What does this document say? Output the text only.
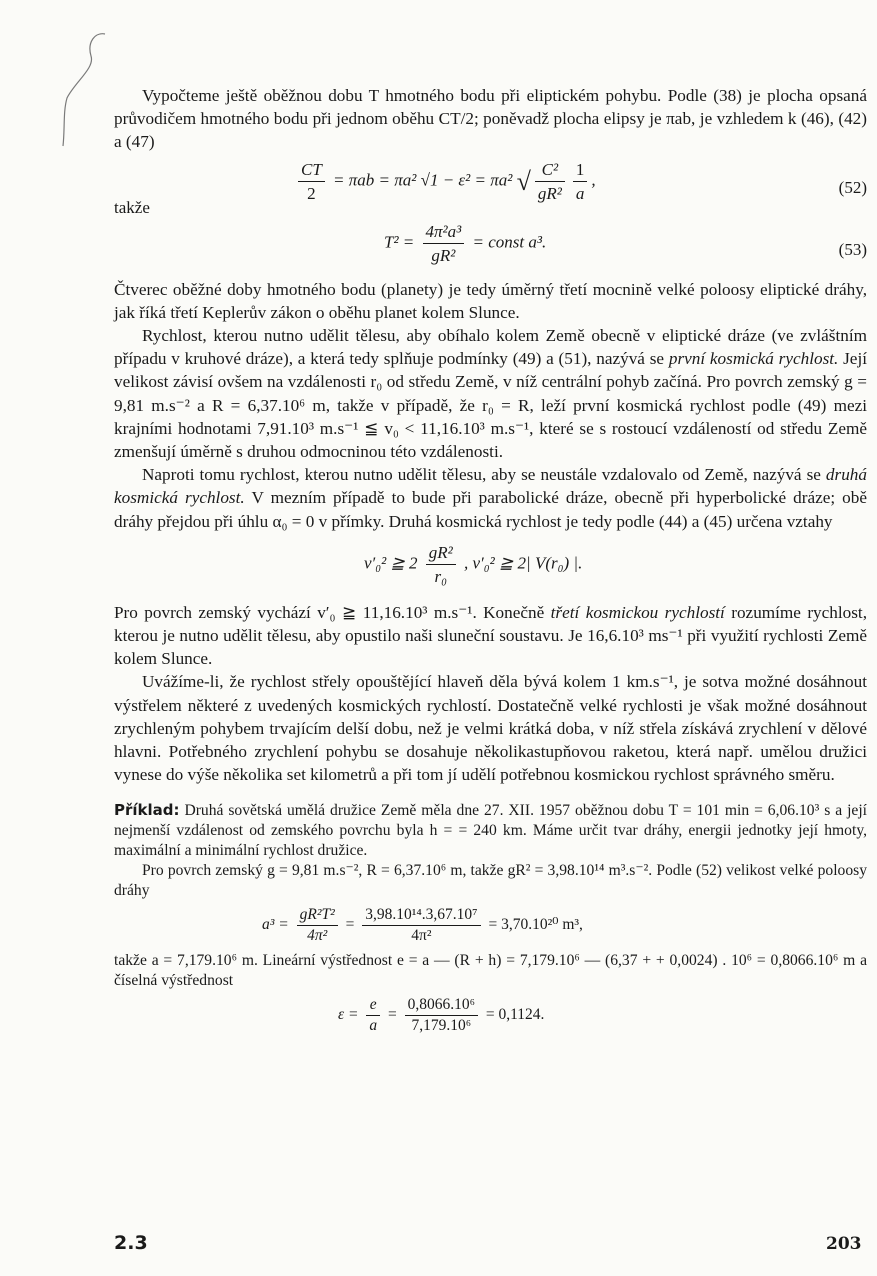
Vypočteme ještě oběžnou dobu T hmotného bodu při eliptickém pohybu. Podle (38) je plocha opsaná průvodičem hmotného bodu při jednom oběhu CT/2; poněvadž plocha elipsy je πab, je vzhledem k (46), (42) a (47)

takže
$\frac{CT}{2} = \pi ab = \pi a^2$ √1 − ε² = πa² √ $\frac{\text{C²}}{\text{gR²}} \frac{1}{a}$ ,	(52)
$T^2 = \frac{\text{4π²a³}}{\text{gR²}}$ = const a³.	(53)

Čtverec oběžné doby hmotného bodu (planety) je tedy úměrný třetí mocnině velké poloosy eliptické dráhy, jak říká třetí Keplerův zákon o oběhu planet kolem Slunce.

Rychlost, kterou nutno udělit tělesu, aby obíhalo kolem Země obecně v eliptické dráze (ve zvláštním případu v kruhové dráze), a která tedy splňuje podmínky (49) a (51), nazývá se první kosmická rychlost. Její velikost závisí ovšem na vzdálenosti r₀ od středu Země, v níž centrální pohyb začíná. Pro povrch zemský g = 9,81 m.s⁻² a R = 6,37.10⁶ m, takže v případě, že r₀ = R, leží první kosmická rychlost podle (49) mezi krajními hodnotami 7,91.10³ m.s⁻¹ ≦ v₀ < 11,16.10³ m.s⁻¹, které se s rostoucí vzdáleností od středu Země zmenšují úměrně s druhou odmocninou této vzdálenosti.

Naproti tomu rychlost, kterou nutno udělit tělesu, aby se neustále vzdalovalo od Země, nazývá se druhá kosmická rychlost. V mezním případě to bude při parabolické dráze, obecně při hyperbolické dráze; obě dráhy přejdou při úhlu α₀ = 0 v přímky. Druhá kosmická rychlost je tedy podle (44) a (45) určena vztahy

v′₀² ≧ $2 \frac{\text{gR²}}{\text{r₀}}$ , v′₀² ≧ 2| V(r₀) |.

Pro povrch zemský vychází v′₀ ≧ 11,16.10³ m.s⁻¹. Konečně třetí kosmickou rychlostí rozumíme rychlost, kterou je nutno udělit tělesu, aby opustilo naši sluneční soustavu. Je 16,6.10³ ms⁻¹ při využití rychlosti Země kolem Slunce.

Uvážíme-li, že rychlost střely opouštějící hlaveň děla bývá kolem 1 km.s⁻¹, je sotva možné dosáhnout výstřelem některé z uvedených kosmických rychlostí. Dostatečně velké rychlosti je však možné dosáhnout zrychleným pohybem trvajícím delší dobu, než je velmi krátká doba, v níž střela získává zrychlení v dělové hlavni. Potřebného zrychlení pohybu se dosahuje několikastupňovou raketou, která např. umělou družici vynese do výše několika set kilometrů a při tom jí udělí potřebnou kosmickou rychlost správného směru.

Příklad: Druhá sovětská umělá družice Země měla dne 27. XII. 1957 oběžnou dobu T = 101 min = 6,06.10³ s a její nejmenší vzdálenost od zemského povrchu byla h = = 240 km. Máme určit tvar dráhy, energii jednotky její hmoty, maximální a minimální rychlost družice.

Pro povrch zemský g = 9,81 m.s⁻², R = 6,37.10⁶ m, takže gR² = 3,98.10¹⁴ m³.s⁻². Podle (52) velikost velké poloosy dráhy

$a^3 = \frac{\text{gR²T²}}{\text{4π²}} = \frac{\text{3,98.10¹⁴.3,67.10⁷}}{\text{4π²}} = 3,70.10^{20}$ m³,

takže a = 7,179.10⁶ m. Lineární výstřednost e = a — (R + h) = 7,179.10⁶ — (6,37 + + 0,0024) . 10⁶ = 0,8066.10⁶ m a číselná výstřednost

$\varepsilon = \frac{e}{a} = \frac{\text{0,8066.10⁶}}{\text{7,179.10⁶}} = 0,1124$.
2.3	203
